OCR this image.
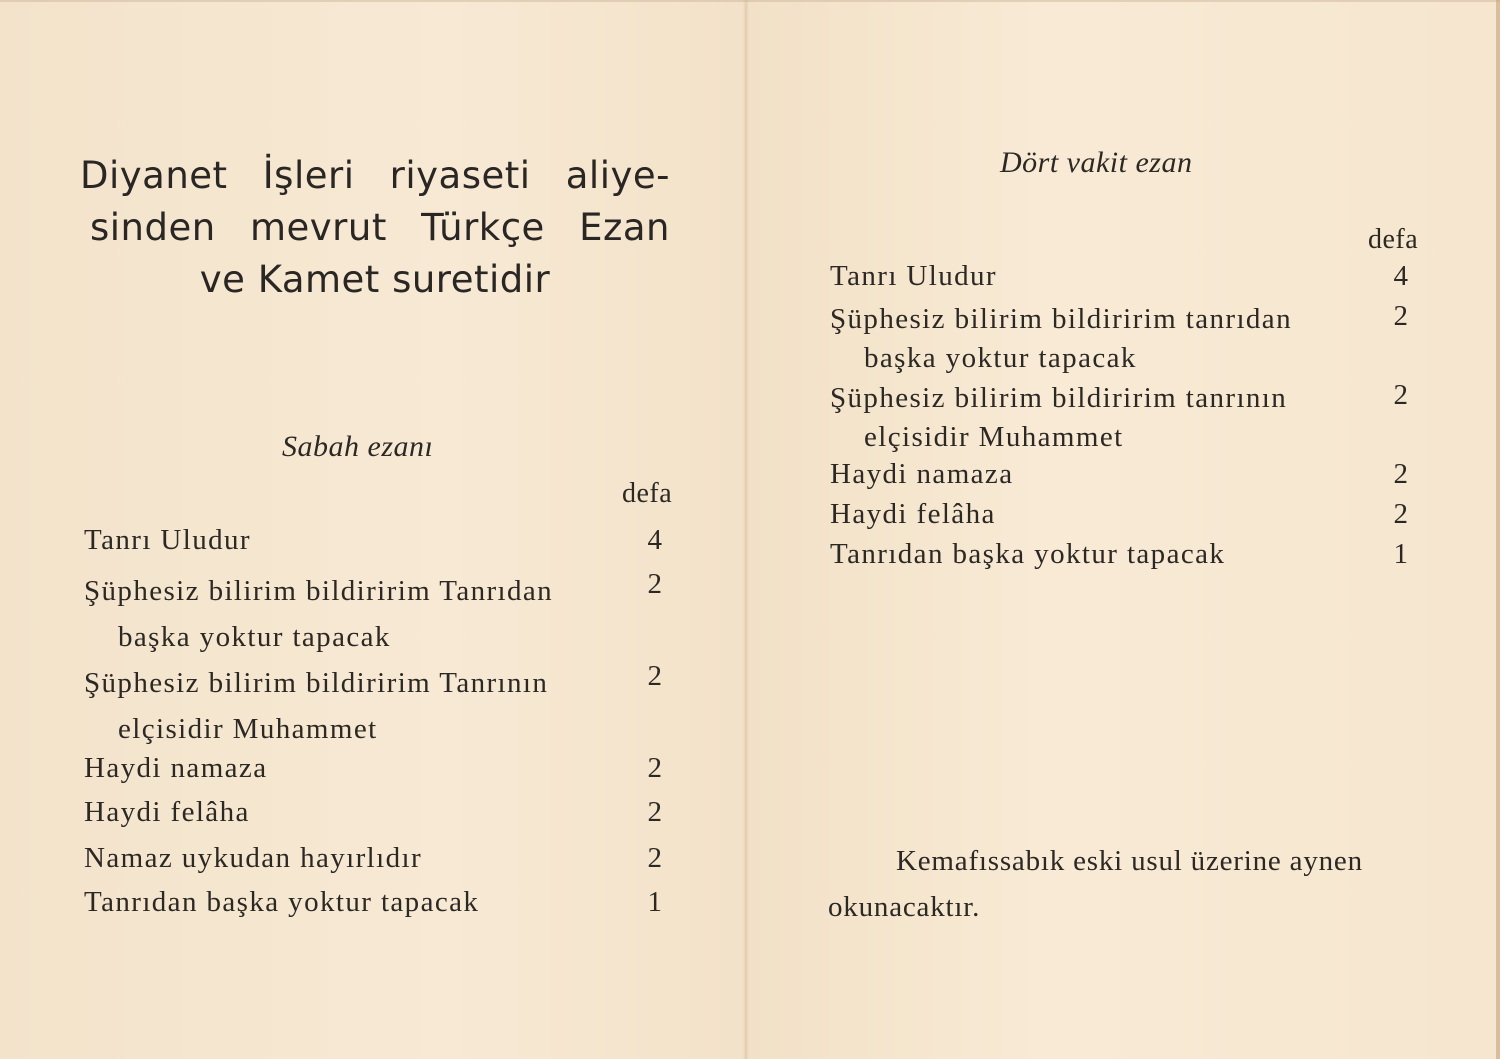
Diyanet İşleri riyaseti aliye-
sinden mevrut Türkçe Ezan
ve Kamet suretidir
Sabah ezanı
defa
Tanrı Uludur	4
Şüphesiz bilirim bildiririm Tanrıdan
başka yoktur tapacak
2
Şüphesiz bilirim bildiririm Tanrının
elçisidir Muhammet
2
Haydi namaza	2
Haydi felâha	2
Namaz uykudan hayırlıdır	2
Tanrıdan başka yoktur tapacak	1
Dört vakit ezan
defa
Tanrı Uludur	4
Şüphesiz bilirim bildiririm tanrıdan
başka yoktur tapacak
2
Şüphesiz bilirim bildiririm tanrının
elçisidir Muhammet
2
Haydi namaza	2
Haydi felâha	2
Tanrıdan başka yoktur tapacak	1
Kemafıssabık eski usul üzerine aynen
okunacaktır.
